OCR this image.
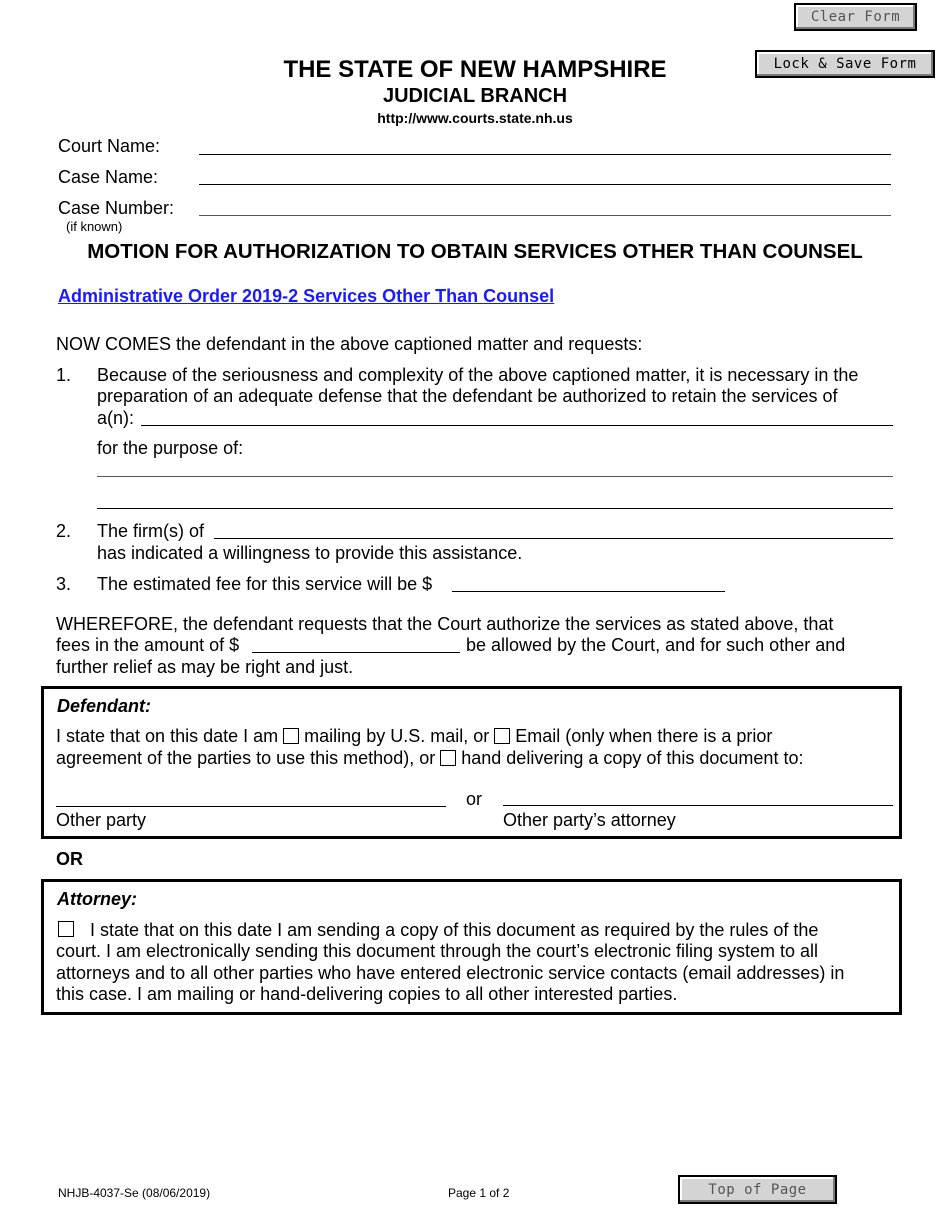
Clear Form
Lock & Save Form
THE STATE OF NEW HAMPSHIRE
JUDICIAL BRANCH
http://www.courts.state.nh.us
Court Name:
Case Name:
Case Number:
(if known)
MOTION FOR AUTHORIZATION TO OBTAIN SERVICES OTHER THAN COUNSEL
Administrative Order 2019-2 Services Other Than Counsel
NOW COMES the defendant in the above captioned matter and requests:
1. Because of the seriousness and complexity of the above captioned matter, it is necessary in the
preparation of an adequate defense that the defendant be authorized to retain the services of
a(n):
for the purpose of:
2. The firm(s) of
has indicated a willingness to provide this assistance.
3. The estimated fee for this service will be $
WHEREFORE, the defendant requests that the Court authorize the services as stated above, that
fees in the amount of $	be allowed by the Court, and for such other and
further relief as may be right and just.
Defendant:
I state that on this date I am mailing by U.S. mail, or Email (only when there is a prior
agreement of the parties to use this method), or hand delivering a copy of this document to:
or
Other party	Other party’s attorney
OR
Attorney:
I state that on this date I am sending a copy of this document as required by the rules of the
court. I am electronically sending this document through the court’s electronic filing system to all
attorneys and to all other parties who have entered electronic service contacts (email addresses) in
this case. I am mailing or hand-delivering copies to all other interested parties.
NHJB-4037-Se (08/06/2019)	Page 1 of 2	Top of Page
